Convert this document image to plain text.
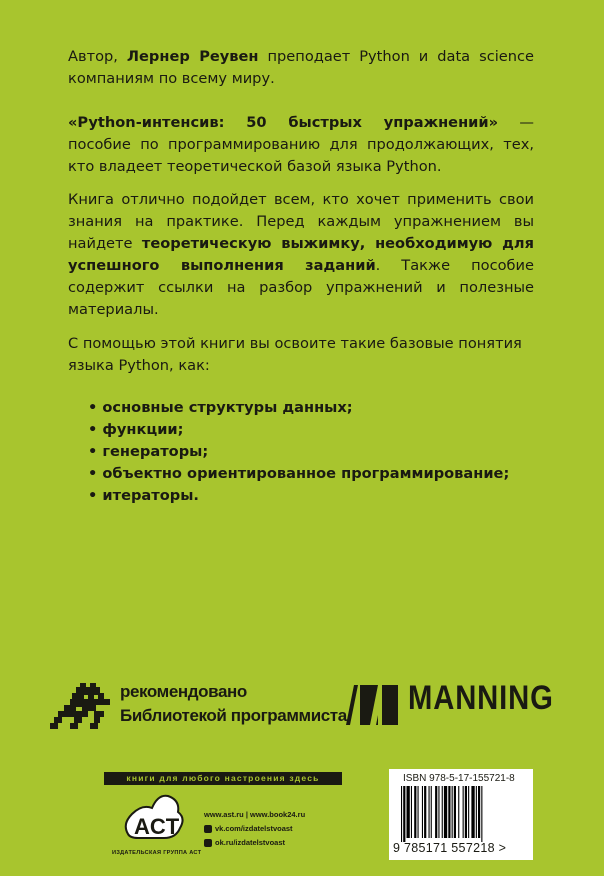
Автор, Лернер Реувен преподает Python и data science компаниям по всему миру.
«Python-интенсив: 50 быстрых упражнений» — пособие по программированию для продолжающих, тех, кто владеет теоретической базой языка Python.
Книга отлично подойдет всем, кто хочет применить свои знания на практике. Перед каждым упражнением вы найдете теоретическую выжимку, необходимую для успешного выполнения заданий. Также пособие содержит ссылки на разбор упражнений и полезные материалы.
С помощью этой книги вы освоите такие базовые понятия языка Python, как:
• основные структуры данных;
• функции;
• генераторы;
• объектно ориентированное программирование;
• итераторы.
рекомендовано
Библиотекой программиста MANNING
книги для любого настроения здесь
ACT
ИЗДАТЕЛЬСКАЯ ГРУППА АСТ
www.ast.ru | www.book24.ru
vk.com/izdatelstvoast
ok.ru/izdatelstvoast
ISBN 978-5-17-155721-8
9 785171 557218 >
